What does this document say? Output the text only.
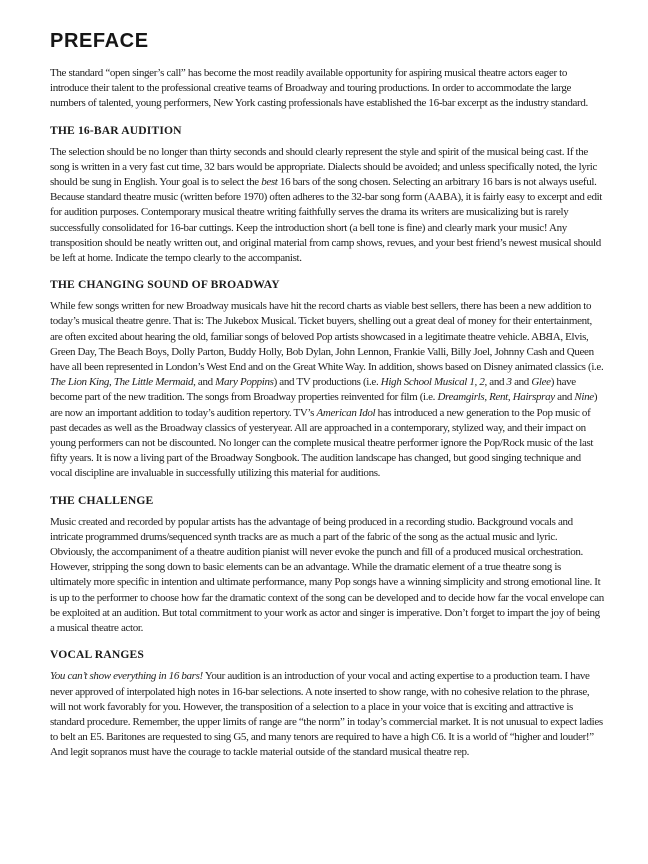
PREFACE

The standard “open singer’s call” has become the most readily available opportunity for aspiring musical theatre actors eager to introduce their talent to the professional creative teams of Broadway and touring productions. In order to accommodate the large numbers of talented, young performers, New York casting professionals have established the 16-bar excerpt as the industry standard.

THE 16-BAR AUDITION

The selection should be no longer than thirty seconds and should clearly represent the style and spirit of the musical being cast. If the song is written in a very fast cut time, 32 bars would be appropriate. Dialects should be avoided; and unless specifically noted, the lyric should be sung in English. Your goal is to select the best 16 bars of the song chosen. Selecting an arbitrary 16 bars is not always useful. Because standard theatre music (written before 1970) often adheres to the 32-bar song form (AABA), it is fairly easy to excerpt and edit for audition purposes. Contemporary musical theatre writing faithfully serves the drama its writers are musicalizing but is rarely successfully consolidated for 16-bar cuttings. Keep the introduction short (a bell tone is fine) and clearly mark your music! Any transposition should be neatly written out, and original material from camp shows, revues, and your best friend’s newest musical should be left at home. Indicate the tempo clearly to the accompanist.

THE CHANGING SOUND OF BROADWAY

While few songs written for new Broadway musicals have hit the record charts as viable best sellers, there has been a new addition to today’s musical theatre genre. That is: The Jukebox Musical. Ticket buyers, shelling out a great deal of money for their entertainment, are often excited about hearing the old, familiar songs of beloved Pop artists showcased in a legitimate theatre vehicle. ABBA, Elvis, Green Day, The Beach Boys, Dolly Parton, Buddy Holly, Bob Dylan, John Lennon, Frankie Valli, Billy Joel, Johnny Cash and Queen have all been represented in London’s West End and on the Great White Way. In addition, shows based on Disney animated classics (i.e. The Lion King, The Little Mermaid, and Mary Poppins) and TV productions (i.e. High School Musical 1, 2, and 3 and Glee) have become part of the new tradition. The songs from Broadway properties reinvented for film (i.e. Dreamgirls, Rent, Hairspray and Nine) are now an important addition to today’s audition repertory. TV’s American Idol has introduced a new generation to the Pop music of past decades as well as the Broadway classics of yesteryear. All are approached in a contemporary, stylized way, and their impact on young performers can not be discounted. No longer can the complete musical theatre performer ignore the Pop/Rock music of the last fifty years. It is now a living part of the Broadway Songbook. The audition landscape has changed, but good singing technique and vocal discipline are invaluable in successfully utilizing this material for auditions.

THE CHALLENGE

Music created and recorded by popular artists has the advantage of being produced in a recording studio. Background vocals and intricate programmed drums/sequenced synth tracks are as much a part of the fabric of the song as the actual music and lyric. Obviously, the accompaniment of a theatre audition pianist will never evoke the punch and fill of a produced musical orchestration. However, stripping the song down to basic elements can be an advantage. While the dramatic element of a true theatre song is ultimately more specific in intention and ultimate performance, many Pop songs have a winning simplicity and strong emotional line. It is up to the performer to choose how far the dramatic context of the song can be developed and to decide how far the vocal envelope can be exploited at an audition. But total commitment to your work as actor and singer is imperative. Don’t forget to impart the joy of being a musical theatre actor.

VOCAL RANGES

You can’t show everything in 16 bars! Your audition is an introduction of your vocal and acting expertise to a production team. I have never approved of interpolated high notes in 16-bar selections. A note inserted to show range, with no cohesive relation to the phrase, will not work favorably for you. However, the transposition of a selection to a place in your voice that is exciting and attractive is standard procedure. Remember, the upper limits of range are “the norm” in today’s commercial market. It is not unusual to expect ladies to belt an E5. Baritones are requested to sing G5, and many tenors are required to have a high C6. It is a world of “higher and louder!” And legit sopranos must have the courage to tackle material outside of the standard musical theatre rep.
